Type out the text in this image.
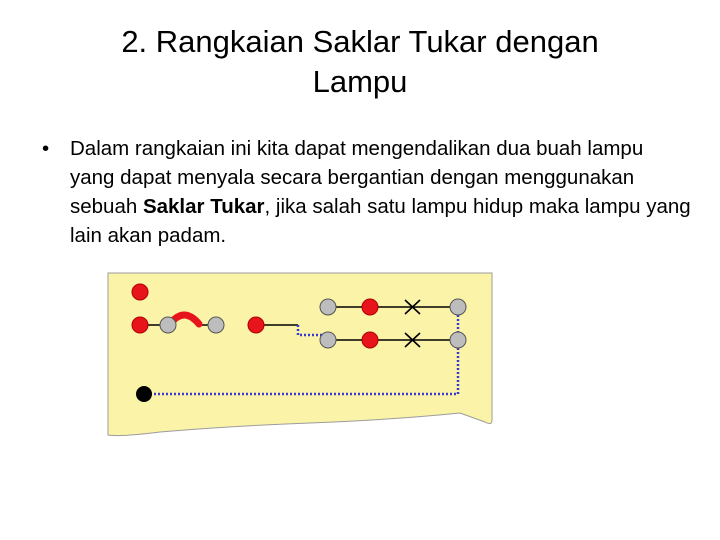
2. Rangkaian Saklar Tukar dengan
Lampu
•	Dalam rangkaian ini kita dapat mengendalikan dua buah lampu yang dapat menyala secara bergantian dengan menggunakan sebuah Saklar Tukar, jika salah satu lampu hidup maka lampu yang lain akan padam.
